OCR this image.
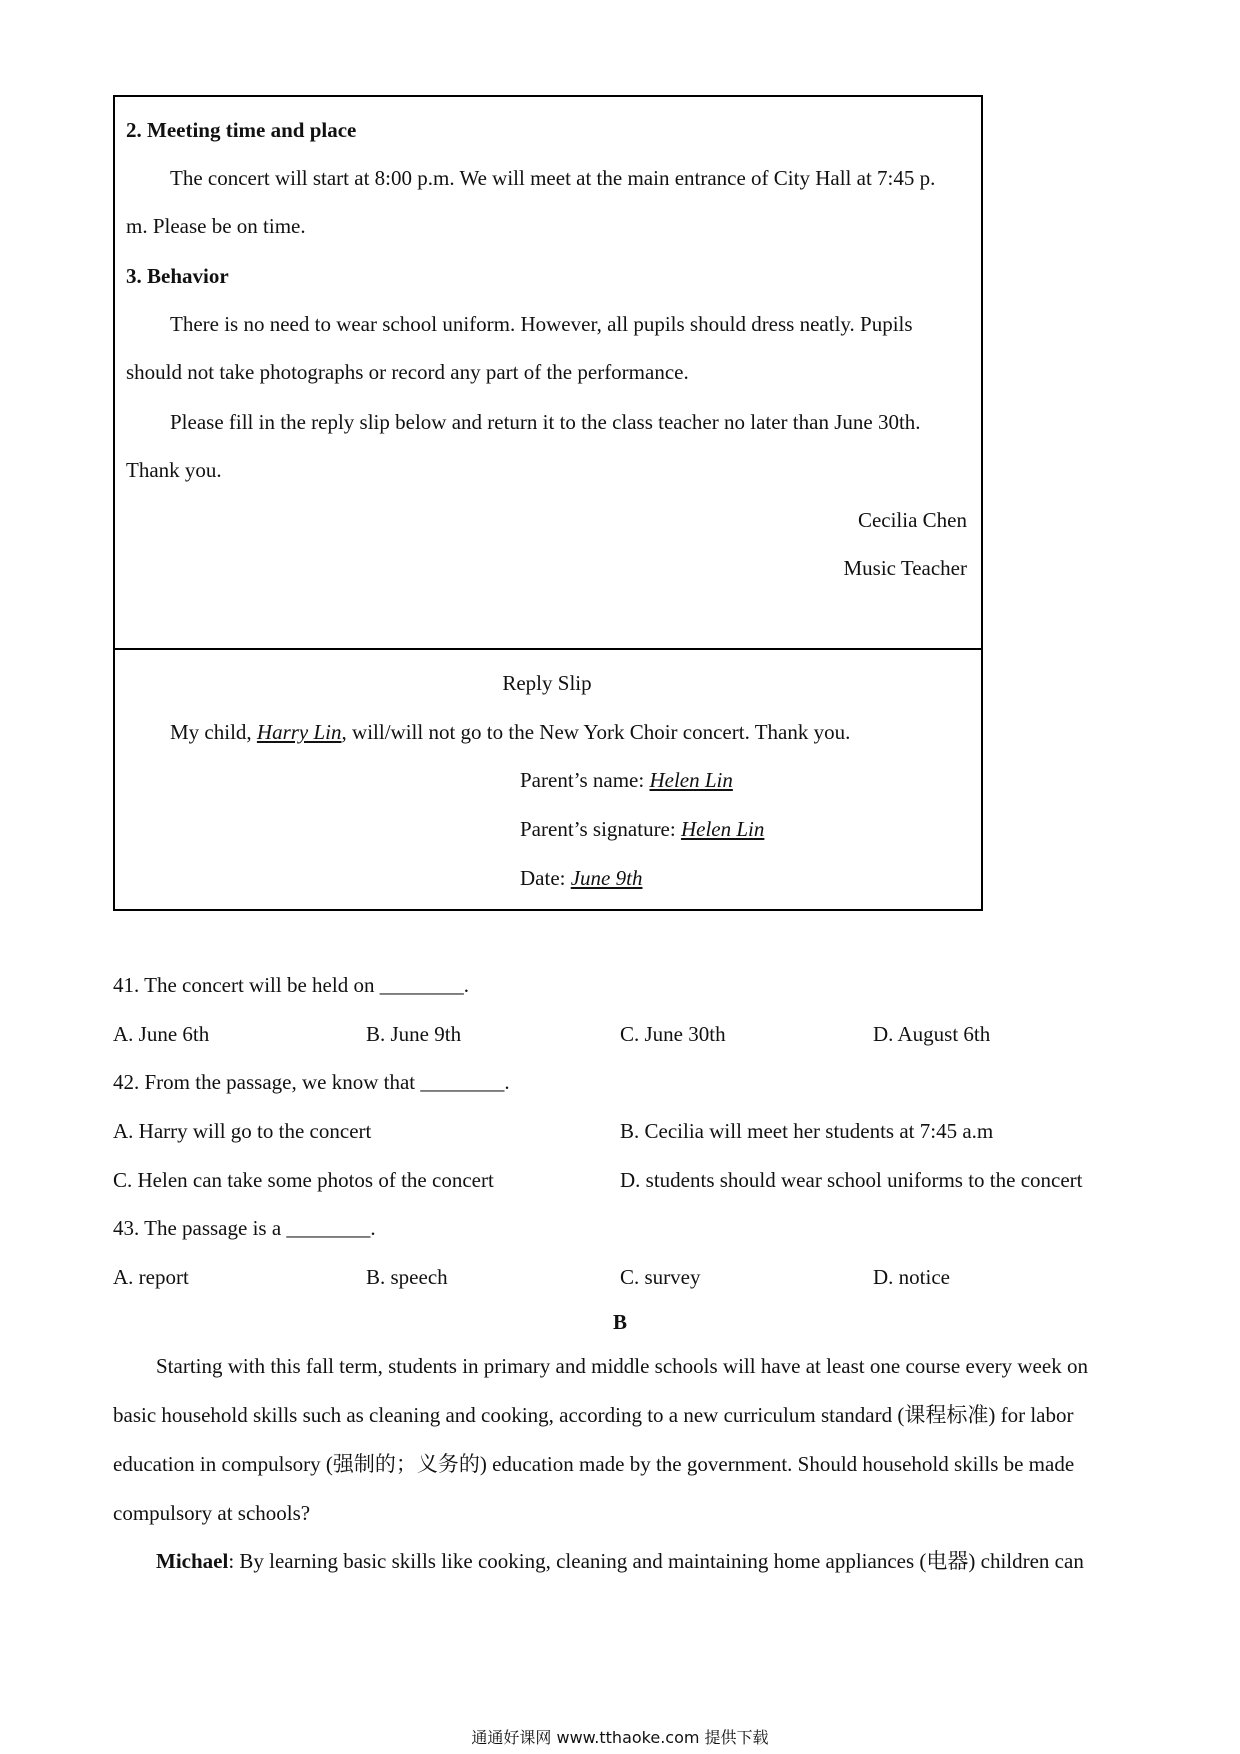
2. Meeting time and place
The concert will start at 8:00 p.m. We will meet at the main entrance of City Hall at 7:45 p.
m. Please be on time.
3. Behavior
There is no need to wear school uniform. However, all pupils should dress neatly. Pupils
should not take photographs or record any part of the performance.
Please fill in the reply slip below and return it to the class teacher no later than June 30th.
Thank you.
Cecilia Chen
Music Teacher
Reply Slip
My child, Harry Lin, will/will not go to the New York Choir concert. Thank you.
Parent’s name: Helen Lin
Parent’s signature: Helen Lin
Date: June 9th
41. The concert will be held on ________.
A. June 6th	B. June 9th	C. June 30th	D. August 6th
42. From the passage, we know that ________.
A. Harry will go to the concert	B. Cecilia will meet her students at 7:45 a.m
C. Helen can take some photos of the concert	D. students should wear school uniforms to the concert
43. The passage is a ________.
A. report	B. speech	C. survey	D. notice
B
Starting with this fall term, students in primary and middle schools will have at least one course every week on
basic household skills such as cleaning and cooking, according to a new curriculum standard (课程标准) for labor
education in compulsory (强制的；义务的) education made by the government. Should household skills be made
compulsory at schools?
Michael: By learning basic skills like cooking, cleaning and maintaining home appliances (电器) children can
通通好课网 www.tthaoke.com 提供下载
